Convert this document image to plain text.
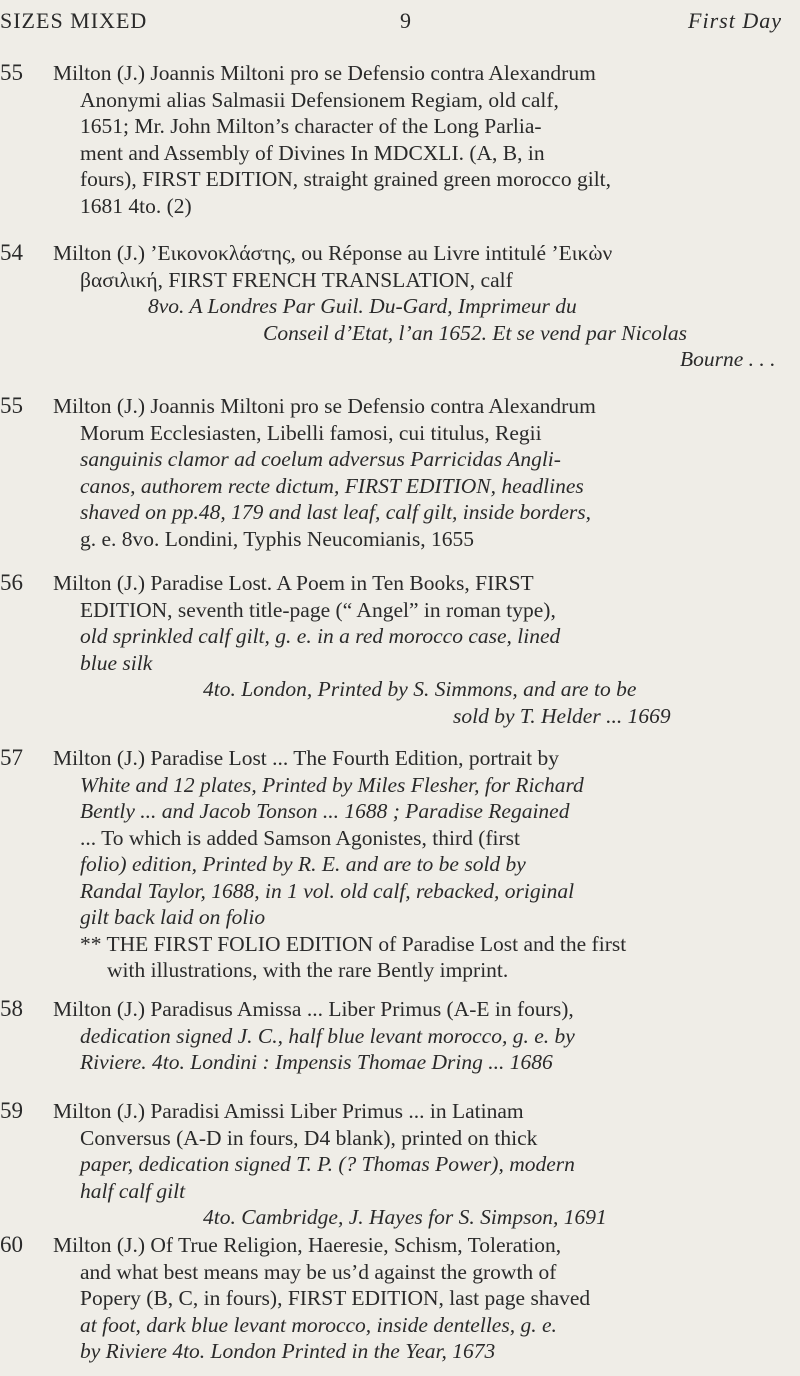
SIZES MIXED	9	First Day
55 Milton (J.) Joannis Miltoni pro se Defensio contra Alexandrum
Anonymi alias Salmasii Defensionem Regiam, old calf,
1651; Mr. John Milton’s character of the Long Parlia-
ment and Assembly of Divines In MDCXLI. (A, B, in
fours), FIRST EDITION, straight grained green morocco gilt,
1681 4to. (2)
54 Milton (J.) ’Εικονοκλάστης, ou Réponse au Livre intitulé ’Εικὼν
βασιλική, FIRST FRENCH TRANSLATION, calf
8vo. A Londres Par Guil. Du-Gard, Imprimeur du
Conseil d’Etat, l’an 1652. Et se vend par Nicolas
Bourne . . .
55 Milton (J.) Joannis Miltoni pro se Defensio contra Alexandrum
Morum Ecclesiasten, Libelli famosi, cui titulus, Regii
sanguinis clamor ad coelum adversus Parricidas Angli-
canos, authorem recte dictum, FIRST EDITION, headlines
shaved on pp.48, 179 and last leaf, calf gilt, inside borders,
g. e. 8vo. Londini, Typhis Neucomianis, 1655
56 Milton (J.) Paradise Lost. A Poem in Ten Books, FIRST
EDITION, seventh title-page (“ Angel” in roman type),
old sprinkled calf gilt, g. e. in a red morocco case, lined
blue silk
4to. London, Printed by S. Simmons, and are to be
sold by T. Helder ... 1669
57 Milton (J.) Paradise Lost ... The Fourth Edition, portrait by
White and 12 plates, Printed by Miles Flesher, for Richard
Bently ... and Jacob Tonson ... 1688 ; Paradise Regained
... To which is added Samson Agonistes, third (first
folio) edition, Printed by R. E. and are to be sold by
Randal Taylor, 1688, in 1 vol. old calf, rebacked, original
gilt back laid on folio
** THE FIRST FOLIO EDITION of Paradise Lost and the first
with illustrations, with the rare Bently imprint.
58 Milton (J.) Paradisus Amissa ... Liber Primus (A-E in fours),
dedication signed J. C., half blue levant morocco, g. e. by
Riviere. 4to. Londini : Impensis Thomae Dring ... 1686
59 Milton (J.) Paradisi Amissi Liber Primus ... in Latinam
Conversus (A-D in fours, D4 blank), printed on thick
paper, dedication signed T. P. (? Thomas Power), modern
half calf gilt
4to. Cambridge, J. Hayes for S. Simpson, 1691
60 Milton (J.) Of True Religion, Haeresie, Schism, Toleration,
and what best means may be us’d against the growth of
Popery (B, C, in fours), FIRST EDITION, last page shaved
at foot, dark blue levant morocco, inside dentelles, g. e.
by Riviere 4to. London Printed in the Year, 1673
